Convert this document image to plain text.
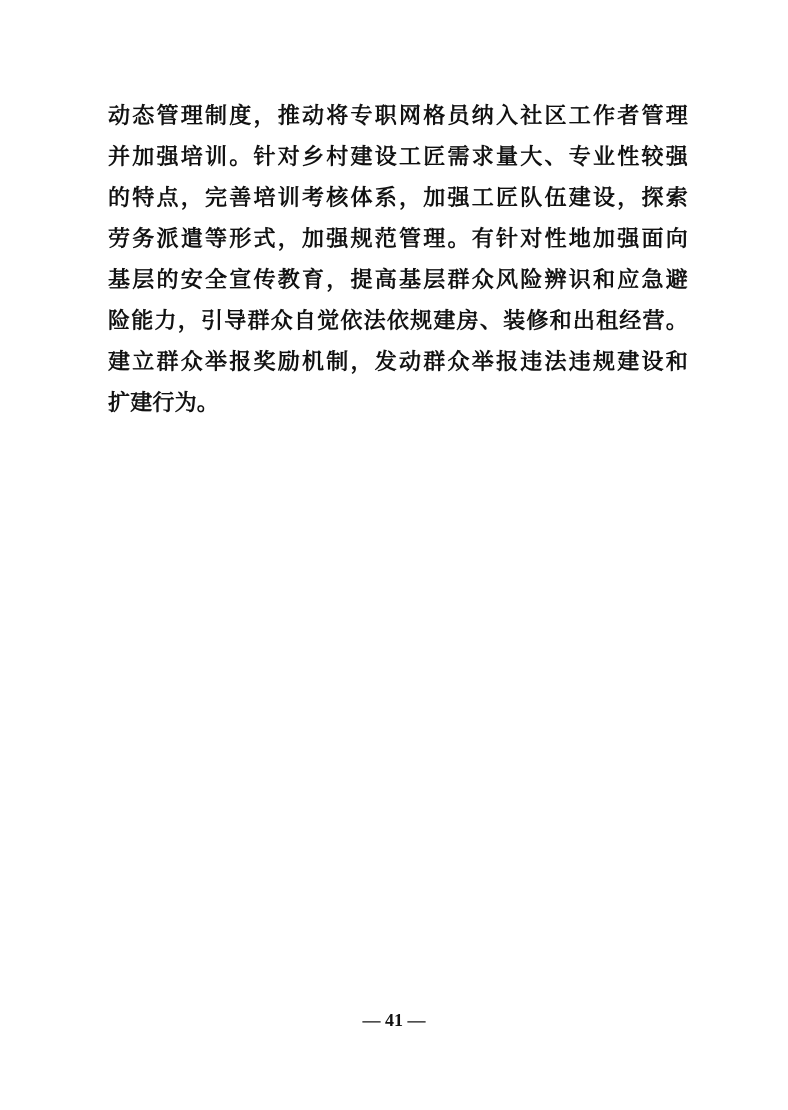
动态管理制度，推动将专职网格员纳入社区工作者管理
并加强培训。针对乡村建设工匠需求量大、专业性较强
的特点，完善培训考核体系，加强工匠队伍建设，探索
劳务派遣等形式，加强规范管理。有针对性地加强面向
基层的安全宣传教育，提高基层群众风险辨识和应急避
险能力，引导群众自觉依法依规建房、装修和出租经营。
建立群众举报奖励机制，发动群众举报违法违规建设和
扩建行为。
— 41 —
